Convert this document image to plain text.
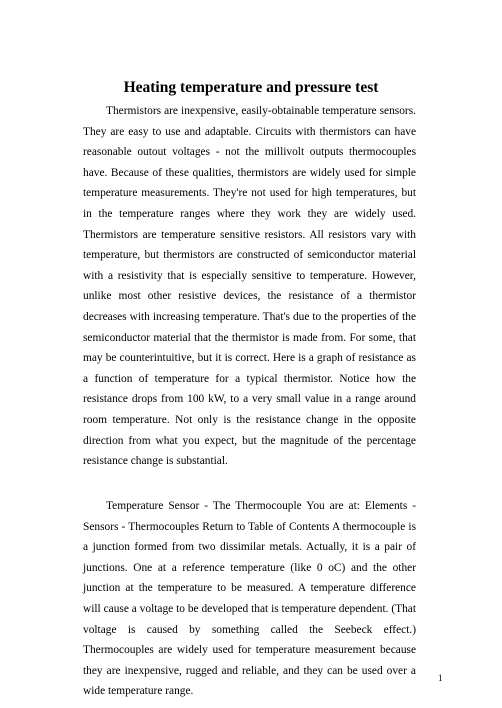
Heating temperature and pressure test

Thermistors are inexpensive, easily-obtainable temperature sensors. They are easy to use and adaptable. Circuits with thermistors can have reasonable outout voltages - not the millivolt outputs thermocouples have. Because of these qualities, thermistors are widely used for simple temperature measurements. They're not used for high temperatures, but in the temperature ranges where they work they are widely used. Thermistors are temperature sensitive resistors. All resistors vary with temperature, but thermistors are constructed of semiconductor material with a resistivity that is especially sensitive to temperature. However, unlike most other resistive devices, the resistance of a thermistor decreases with increasing temperature. That's due to the properties of the semiconductor material that the thermistor is made from. For some, that may be counterintuitive, but it is correct. Here is a graph of resistance as a function of temperature for a typical thermistor. Notice how the resistance drops from 100 kW, to a very small value in a range around room temperature. Not only is the resistance change in the opposite direction from what you expect, but the magnitude of the percentage resistance change is substantial.

Temperature Sensor - The Thermocouple You are at: Elements - Sensors - Thermocouples Return to Table of Contents A thermocouple is a junction formed from two dissimilar metals. Actually, it is a pair of junctions. One at a reference temperature (like 0 oC) and the other junction at the temperature to be measured. A temperature difference will cause a voltage to be developed that is temperature dependent. (That voltage is caused by something called the Seebeck effect.) Thermocouples are widely used for temperature measurement because they are inexpensive, rugged and reliable, and they can be used over a wide temperature range.

1
